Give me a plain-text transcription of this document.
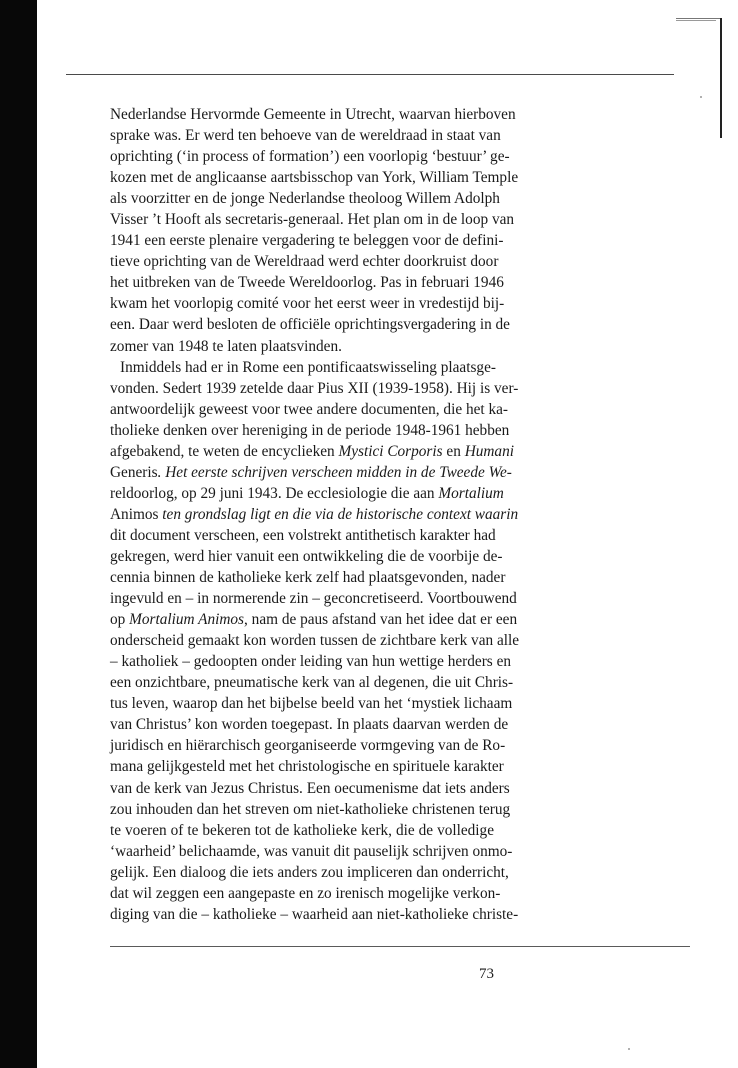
Nederlandse Hervormde Gemeente in Utrecht, waarvan hierboven
sprake was. Er werd ten behoeve van de wereldraad in staat van
oprichting (‘in process of formation’) een voorlopig ‘bestuur’ ge-
kozen met de anglicaanse aartsbisschop van York, William Temple
als voorzitter en de jonge Nederlandse theoloog Willem Adolph
Visser ’t Hooft als secretaris-generaal. Het plan om in de loop van
1941 een eerste plenaire vergadering te beleggen voor de defini-
tieve oprichting van de Wereldraad werd echter doorkruist door
het uitbreken van de Tweede Wereldoorlog. Pas in februari 1946
kwam het voorlopig comité voor het eerst weer in vredestijd bij-
een. Daar werd besloten de officiële oprichtingsvergadering in de
zomer van 1948 te laten plaatsvinden.
Inmiddels had er in Rome een pontificaatswisseling plaatsge-
vonden. Sedert 1939 zetelde daar Pius XII (1939-1958). Hij is ver-
antwoordelijk geweest voor twee andere documenten, die het ka-
tholieke denken over hereniging in de periode 1948-1961 hebben
afgebakend, te weten de encyclieken Mystici Corporis en Humani
Generis. Het eerste schrijven verscheen midden in de Tweede We-
reldoorlog, op 29 juni 1943. De ecclesiologie die aan Mortalium
Animos ten grondslag ligt en die via de historische context waarin
dit document verscheen, een volstrekt antithetisch karakter had
gekregen, werd hier vanuit een ontwikkeling die de voorbije de-
cennia binnen de katholieke kerk zelf had plaatsgevonden, nader
ingevuld en – in normerende zin – geconcretiseerd. Voortbouwend
op Mortalium Animos, nam de paus afstand van het idee dat er een
onderscheid gemaakt kon worden tussen de zichtbare kerk van alle
– katholiek – gedoopten onder leiding van hun wettige herders en
een onzichtbare, pneumatische kerk van al degenen, die uit Chris-
tus leven, waarop dan het bijbelse beeld van het ‘mystiek lichaam
van Christus’ kon worden toegepast. In plaats daarvan werden de
juridisch en hiërarchisch georganiseerde vormgeving van de Ro-
mana gelijkgesteld met het christologische en spirituele karakter
van de kerk van Jezus Christus. Een oecumenisme dat iets anders
zou inhouden dan het streven om niet-katholieke christenen terug
te voeren of te bekeren tot de katholieke kerk, die de volledige
‘waarheid’ belichaamde, was vanuit dit pauselijk schrijven onmo-
gelijk. Een dialoog die iets anders zou impliceren dan onderricht,
dat wil zeggen een aangepaste en zo irenisch mogelijke verkon-
diging van die – katholieke – waarheid aan niet-katholieke christe-
73
